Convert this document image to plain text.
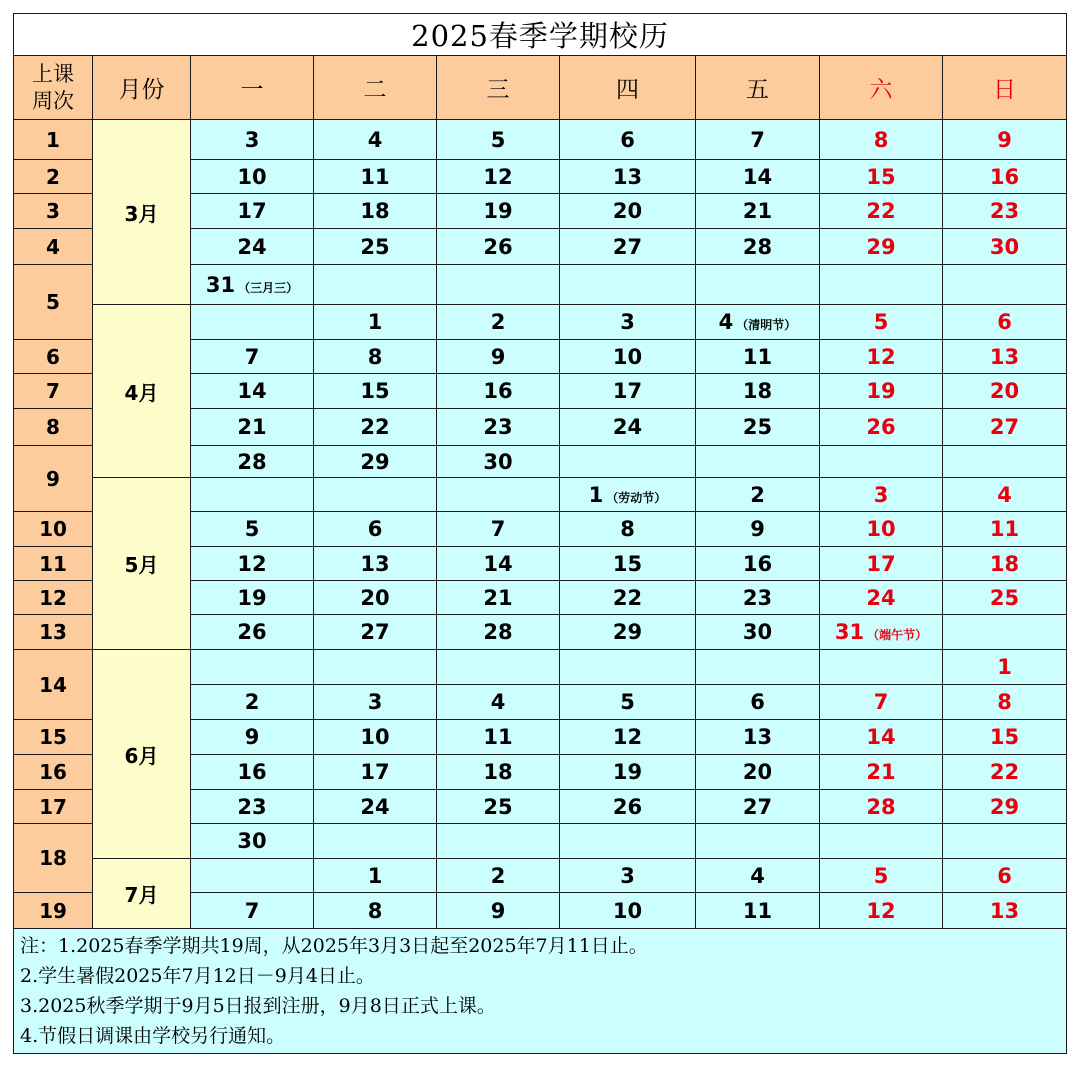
2025春季学期校历								
上课
周次	月份	一	二	三	四	五	六	日
1	3月	3	4	5	6	7	8	9
2		10	11	12	13	14	15	16
3		17	18	19	20	21	22	23
4		24	25	26	27	28	29	30
5		31 （三月三）						
	4月		1	2	3	4 （清明节）	5	6
6		7	8	9	10	11	12	13
7		14	15	16	17	18	19	20
8		21	22	23	24	25	26	27
9		28	29	30				
	5月				1 （劳动节）	2	3	4
10		5	6	7	8	9	10	11
11		12	13	14	15	16	17	18
12		19	20	21	22	23	24	25
13		26	27	28	29	30	31 （端午节）	
14	6月							1
		2	3	4	5	6	7	8
15		9	10	11	12	13	14	15
16		16	17	18	19	20	21	22
17		23	24	25	26	27	28	29
18		30						
	7月		1	2	3	4	5	6
19		7	8	9	10	11	12	13

注：1.2025春季学期共19周，从2025年3月3日起至2025年7月11日止。
2.学生暑假2025年7月12日－9月4日止。
3.2025秋季学期于9月5日报到注册，9月8日正式上课。
4.节假日调课由学校另行通知。								
